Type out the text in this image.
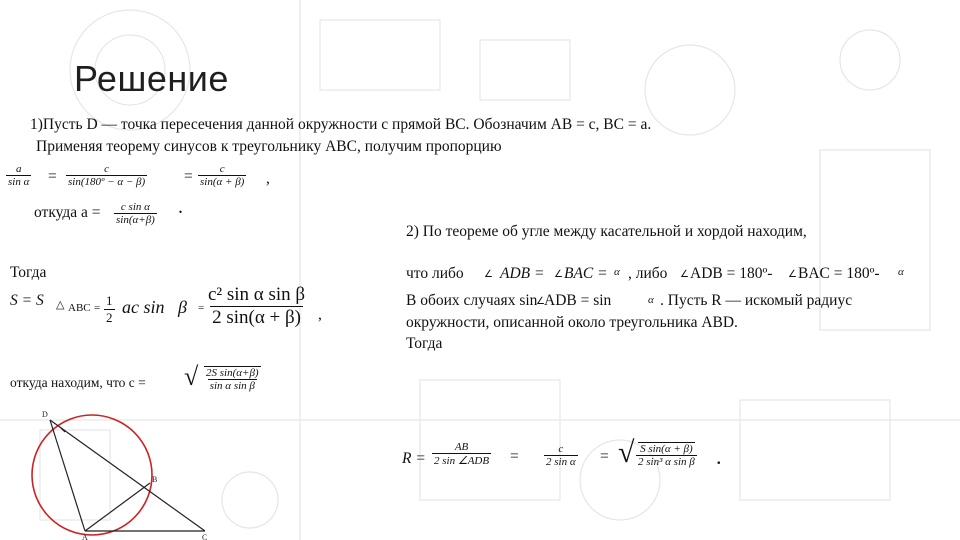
Решение
1)Пусть D — точка пересечения данной окружности с прямой BC. Обозначим AB = c, BC = a.
Применяя теорему синусов к треугольнику ABC, получим пропорцию
$\frac{a}{\text{sin α}} = \frac{c}{\text{sin(180º − α − β)}} = \frac{c}{\sin(\alpha + \beta)}$ ,
откуда $a = \frac{\text{c sin α}}{\sin(\alpha+\beta)}$ .
Тогда
S = S △ ABC = $\frac{1}{2}$ ac $\sin \beta = \frac{\text{c² sin α sin β}}{2 \sin(\alpha + \beta)}$ ,
откуда находим, что c = √ $\frac{\text{2S sin(α+β)}}{\text{sin α sin β}}$
2) По теореме об угле между касательной и хордой находим,
что либо ∠ ADB = ∠ BAC = α , либо ∠ ADB = 180º- ∠ BAC = 180º- α
В обоих случаях sin
∠ ADB = sin	α . Пусть R — искомый радиус
окружности, описанной около треугольника ABD.
Тогда
R =
AB
2 sin ∠ADB = $\frac{c}{\text{2 sin α}}$ = √ $\frac{\text{S sin(α + β)}}{\text{2 sin³ α sin β}}$ .
D
B
A	C
